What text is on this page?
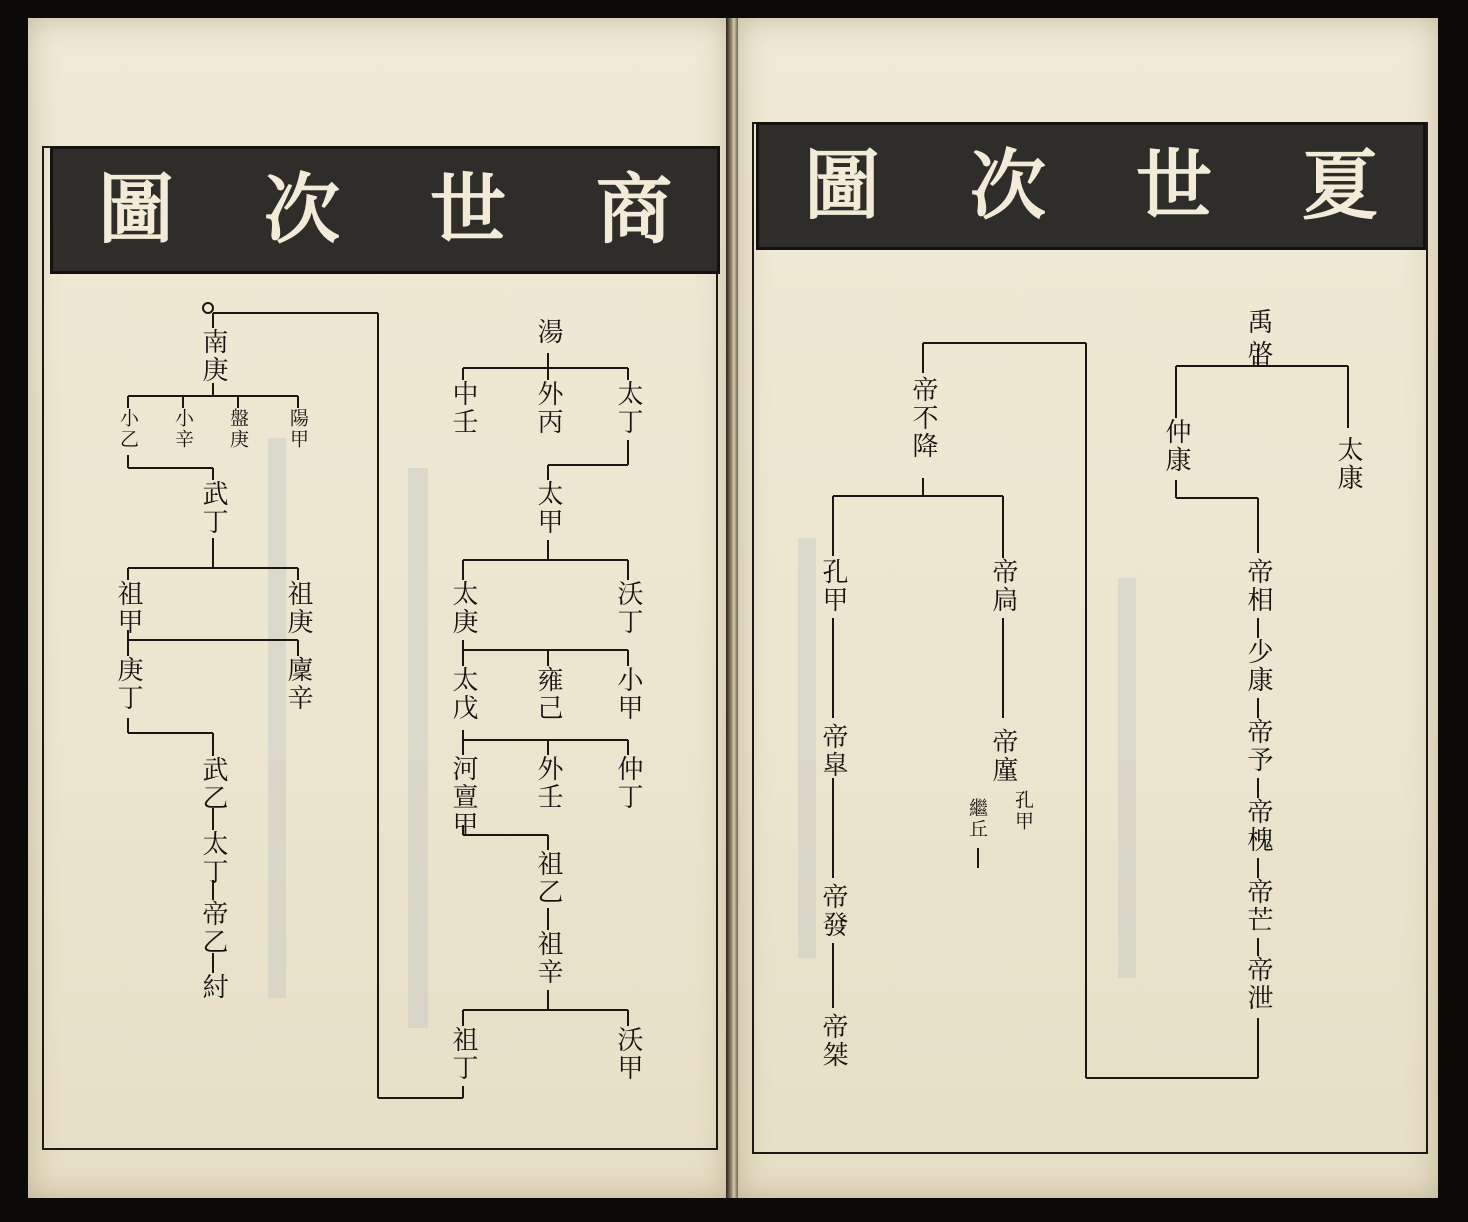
商
世
次
圖
湯
太丁
外丙
中壬
太甲
沃丁
太庚
小甲
雍己
太戊
仲丁
外壬
河亶甲
祖乙
祖辛
沃甲
祖丁
南庚
陽甲
盤庚
小辛
小乙
武丁
祖庚
祖甲
廩辛
庚丁
武乙
太丁
帝乙
紂
夏
世
次
圖
禹
啓
太康
仲康
帝相
少康
帝予
帝槐
帝芒
帝泄
帝不降
帝扃
孔甲
帝廑
孔甲
繼丘
帝皐
帝發
帝桀
